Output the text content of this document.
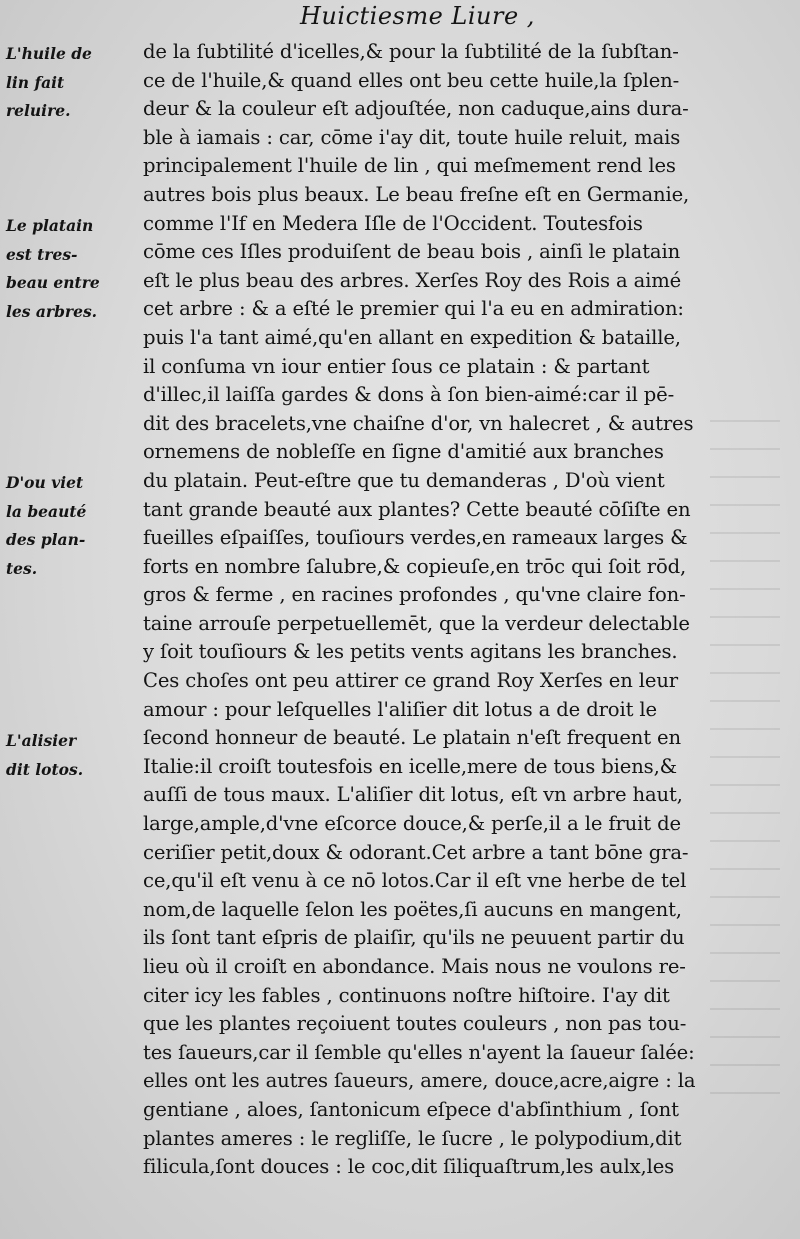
Huictiesme Liure ,
L'huile de
lin fait
reluire.
Le platain
est tres-
beau entre
les arbres.
D'ou viet
la beauté
des plan-
tes.
L'alisier
dit lotos.
de la ſubtilité d'icelles,& pour la ſubtilité de la ſubſtan-
ce de l'huile,& quand elles ont beu cette huile,la ſplen-
deur & la couleur eſt adjouſtée, non caduque,ains dura-
ble à iamais : car, cōme i'ay dit, toute huile reluit, mais
principalement l'huile de lin , qui meſmement rend les
autres bois plus beaux. Le beau freſne eſt en Germanie,
comme l'If en Medera Iſle de l'Occident. Toutesfois
cōme ces Iſles produiſent de beau bois , ainſi le platain
eſt le plus beau des arbres. Xerſes Roy des Rois a aimé
cet arbre : & a eſté le premier qui l'a eu en admiration:
puis l'a tant aimé,qu'en allant en expedition & bataille,
il conſuma vn iour entier ſous ce platain : & partant
d'illec,il laiſſa gardes & dons à ſon bien-aimé:car il pē-
dit des bracelets,vne chaiſne d'or, vn halecret , & autres
ornemens de nobleſſe en ſigne d'amitié aux branches
du platain. Peut-eſtre que tu demanderas , D'où vient
tant grande beauté aux plantes? Cette beauté cōſiſte en
fueilles eſpaiſſes, touſiours verdes,en rameaux larges &
forts en nombre ſalubre,& copieuſe,en trōc qui ſoit rōd,
gros & ferme , en racines profondes , qu'vne claire fon-
taine arrouſe perpetuellemēt, que la verdeur delectable
y ſoit touſiours & les petits vents agitans les branches.
Ces choſes ont peu attirer ce grand Roy Xerſes en leur
amour : pour leſquelles l'aliſier dit lotus a de droit le
ſecond honneur de beauté. Le platain n'eſt frequent en
Italie:il croiſt toutesfois en icelle,mere de tous biens,&
auſſi de tous maux. L'aliſier dit lotus, eſt vn arbre haut,
large,ample,d'vne eſcorce douce,& perſe,il a le fruit de
ceriſier petit,doux & odorant.Cet arbre a tant bōne gra-
ce,qu'il eſt venu à ce nō lotos.Car il eſt vne herbe de tel
nom,de laquelle ſelon les poëtes,ſi aucuns en mangent,
ils ſont tant eſpris de plaiſir, qu'ils ne peuuent partir du
lieu où il croiſt en abondance. Mais nous ne voulons re-
citer icy les fables , continuons noſtre hiſtoire. I'ay dit
que les plantes reçoiuent toutes couleurs , non pas tou-
tes ſaueurs,car il ſemble qu'elles n'ayent la ſaueur ſalée:
elles ont les autres ſaueurs, amere, douce,acre,aigre : la
gentiane , aloes, ſantonicum eſpece d'abſinthium , ſont
plantes ameres : le regliſſe, le ſucre , le polypodium,dit
filicula,ſont douces : le coc,dit ſiliquaſtrum,les aulx,les
